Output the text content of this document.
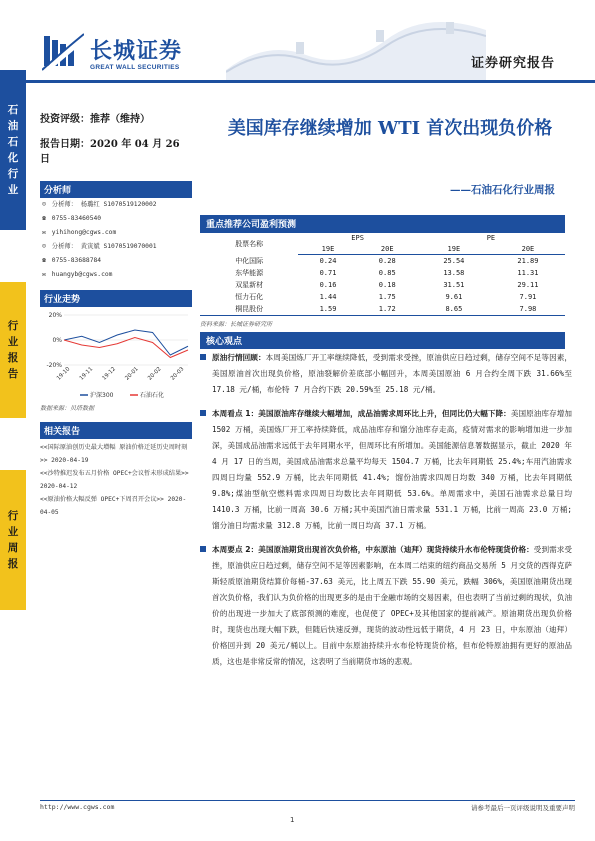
石
油
石
化
行
业
行
业
报
告
行
业
周
报
长城证券
GREAT WALL SECURITIES	证券研究报告
投资评级：推荐（维持）
报告日期：2020 年 04 月 26 日
分析师
☺ 分析师： 杨璐红 S1070519120002
☎ 0755-83460540
✉ yihihong@cgws.com
☺ 分析师： 黄寅斌 S1070519070001
☎ 0755-83688784
✉ huangyb@cgws.com
行业走势
20%
0%
-20%
19-10 19-11 19-12 20-01 20-02 20-03
沪深300	石油石化
数据来源：贝塔数据
相关报告
<<国际原油创历史最大增幅 原油价格迁延历史周时刻>> 2020-04-19
<<沙特推迟发布五月价格 OPEC+会议暂未形成结果>> 2020-04-12
<<原油价格大幅反弹 OPEC+下周召开会议>> 2020-04-05
美国库存继续增加 WTI 首次出现负价格
——石油石化行业周报
重点推荐公司盈利预测
股票名称	EPS		PE	
	19E	20E	19E	20E
中化国际	0.24	0.28	25.54	21.89
东华能源	0.71	0.85	13.58	11.31
双星新材	0.16	0.18	31.51	29.11
恒力石化	1.44	1.75	9.61	7.91
桐昆股份	1.59	1.72	8.65	7.98
资料来源：长城证券研究所
核心观点
原油行情回顾：本周美国炼厂开工率继续降低，受到需求受挫，原油供应日趋过剩，储存空间不足等因素，美国原油首次出现负价格，原油裂解价差底部小幅回升，本周美国原油 6 月合约全周下跌 31.66%至 17.18 元/桶，布伦特 7 月合约下跌 20.59%至 25.18 元/桶。
本周看点 1：美国原油库存继续大幅增加，成品油需求周环比上升，但同比仍大幅下降：美国原油库存增加 1502 万桶，美国炼厂开工率持续降低，成品油库存和馏分油库存走高，疫情对需求的影响增加进一步加深，美国成品油需求远低于去年同期水平，但周环比有所增加。美国能源信息署数据显示，截止 2020 年 4 月 17 日的当周，美国成品油需求总量平均每天 1504.7 万桶，比去年同期低 25.4%;车用汽油需求四周日均量 552.9 万桶，比去年同期低 41.4%; 馏份油需求四周日均数 340 万桶，比去年同期低 9.8%;煤油型航空燃料需求四周日均数比去年同期低 53.6%。单周需求中，美国石油需求总量日均 1410.3 万桶，比前一周高 30.6 万桶;其中美国汽油日需求量 531.1 万桶，比前一周高 23.0 万桶;馏分油日均需求量 312.8 万桶，比前一周日均高 37.1 万桶。
本周要点 2：美国原油期货出现首次负价格，中东原油（迪拜）现货持续升水布伦特现货价格：受到需求受挫，原油供应日趋过剩，储存空间不足等因素影响，在本周二结束的纽约商品交易所 5 月交货的西得克萨斯轻质原油期货结算价每桶-37.63 美元，比上周五下跌 55.90 美元，跌幅 306%，美国原油期货出现首次负价格，我们认为负价格的出现更多的是由于金融市场的交易因素，但也表明了当前过剩的现状，负油价的出现进一步加大了底部预测的难度，也促使了 OPEC+及其他国家的提前减产。原油期货出现负价格时，现货也出现大幅下跌，但随后快速反弹，现货的波动性远低于期货，4 月 23 日，中东原油（迪拜）价格回升到 20 美元/桶以上。目前中东原油持续升水布伦特现货价格，但布伦特原油拥有更好的原油品质，这也是非常反常的情况，这表明了当前期货市场的悲观。
http://www.cgws.com	请参考最后一页评级说明及重要声明
1
